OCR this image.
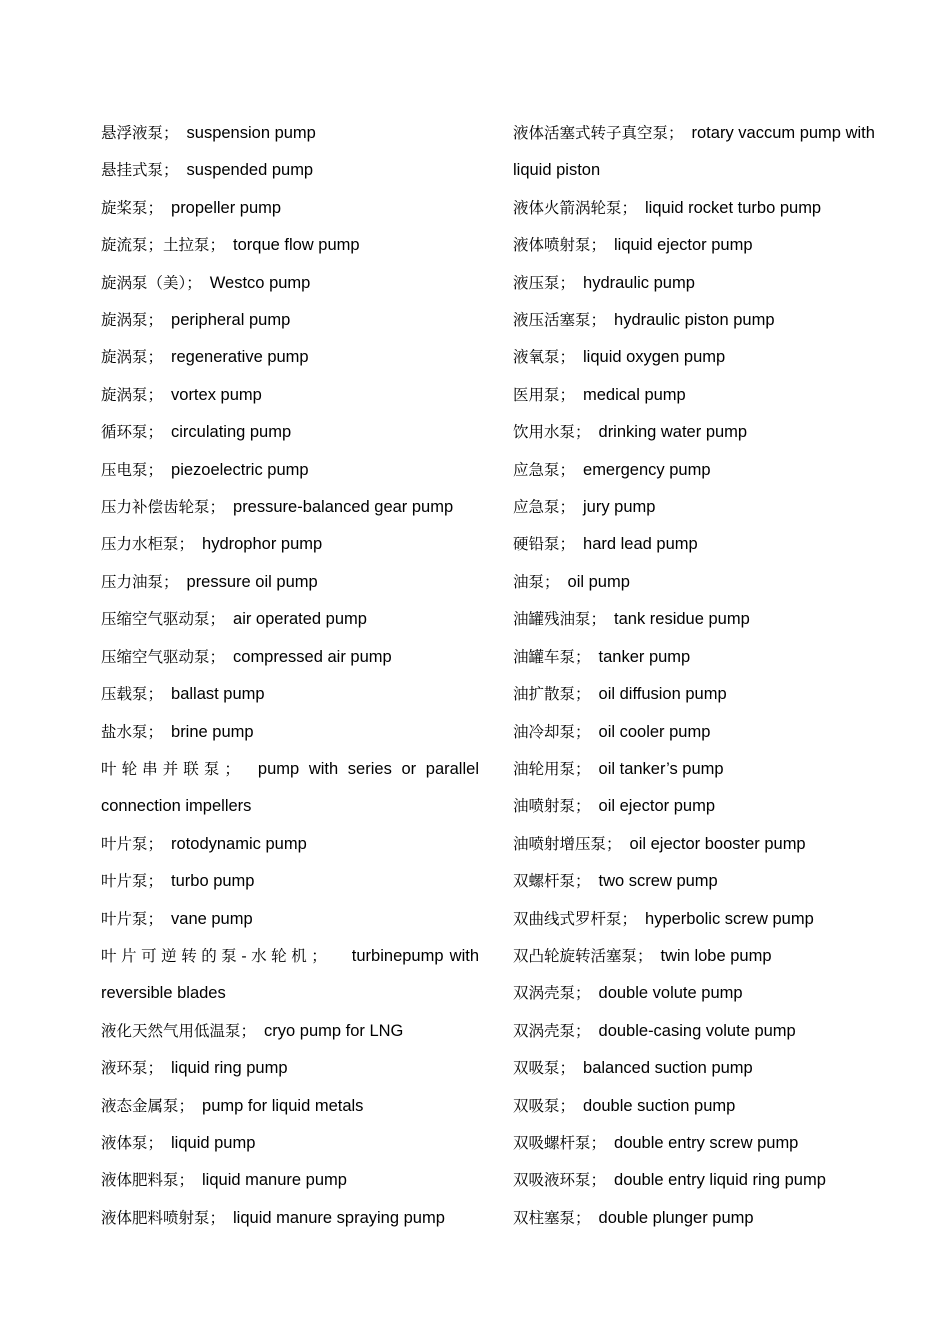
悬浮液泵； suspension pump
悬挂式泵； suspended pump
旋桨泵； propeller pump
旋流泵；土拉泵； torque flow pump
旋涡泵（美）； Westco pump
旋涡泵； peripheral pump
旋涡泵； regenerative pump
旋涡泵； vortex pump
循环泵； circulating pump
压电泵； piezoelectric pump
压力补偿齿轮泵； pressure-balanced gear pump
压力水柜泵； hydrophor pump
压力油泵； pressure oil pump
压缩空气驱动泵； air operated pump
压缩空气驱动泵； compressed air pump
压载泵； ballast pump
盐水泵； brine pump
叶轮串并联泵； pump with series or parallel connection impellers
叶片泵； rotodynamic pump
叶片泵； turbo pump
叶片泵； vane pump
叶片可逆转的泵-水轮机； turbinepump with reversible blades
液化天然气用低温泵； cryo pump for LNG
液环泵； liquid ring pump
液态金属泵； pump for liquid metals
液体泵； liquid pump
液体肥料泵； liquid manure pump
液体肥料喷射泵； liquid manure spraying pump
液体活塞式转子真空泵； rotary vaccum pump with liquid piston
液体火箭涡轮泵； liquid rocket turbo pump
液体喷射泵； liquid ejector pump
液压泵； hydraulic pump
液压活塞泵； hydraulic piston pump
液氧泵； liquid oxygen pump
医用泵； medical pump
饮用水泵； drinking water pump
应急泵； emergency pump
应急泵； jury pump
硬铅泵； hard lead pump
油泵； oil pump
油罐残油泵； tank residue pump
油罐车泵； tanker pump
油扩散泵； oil diffusion pump
油冷却泵； oil cooler pump
油轮用泵； oil tanker’s pump
油喷射泵； oil ejector pump
油喷射增压泵； oil ejector booster pump
双螺杆泵； two screw pump
双曲线式罗杆泵； hyperbolic screw pump
双凸轮旋转活塞泵； twin lobe pump
双涡壳泵； double volute pump
双涡壳泵； double-casing volute pump
双吸泵； balanced suction pump
双吸泵； double suction pump
双吸螺杆泵； double entry screw pump
双吸液环泵； double entry liquid ring pump
双柱塞泵； double plunger pump
